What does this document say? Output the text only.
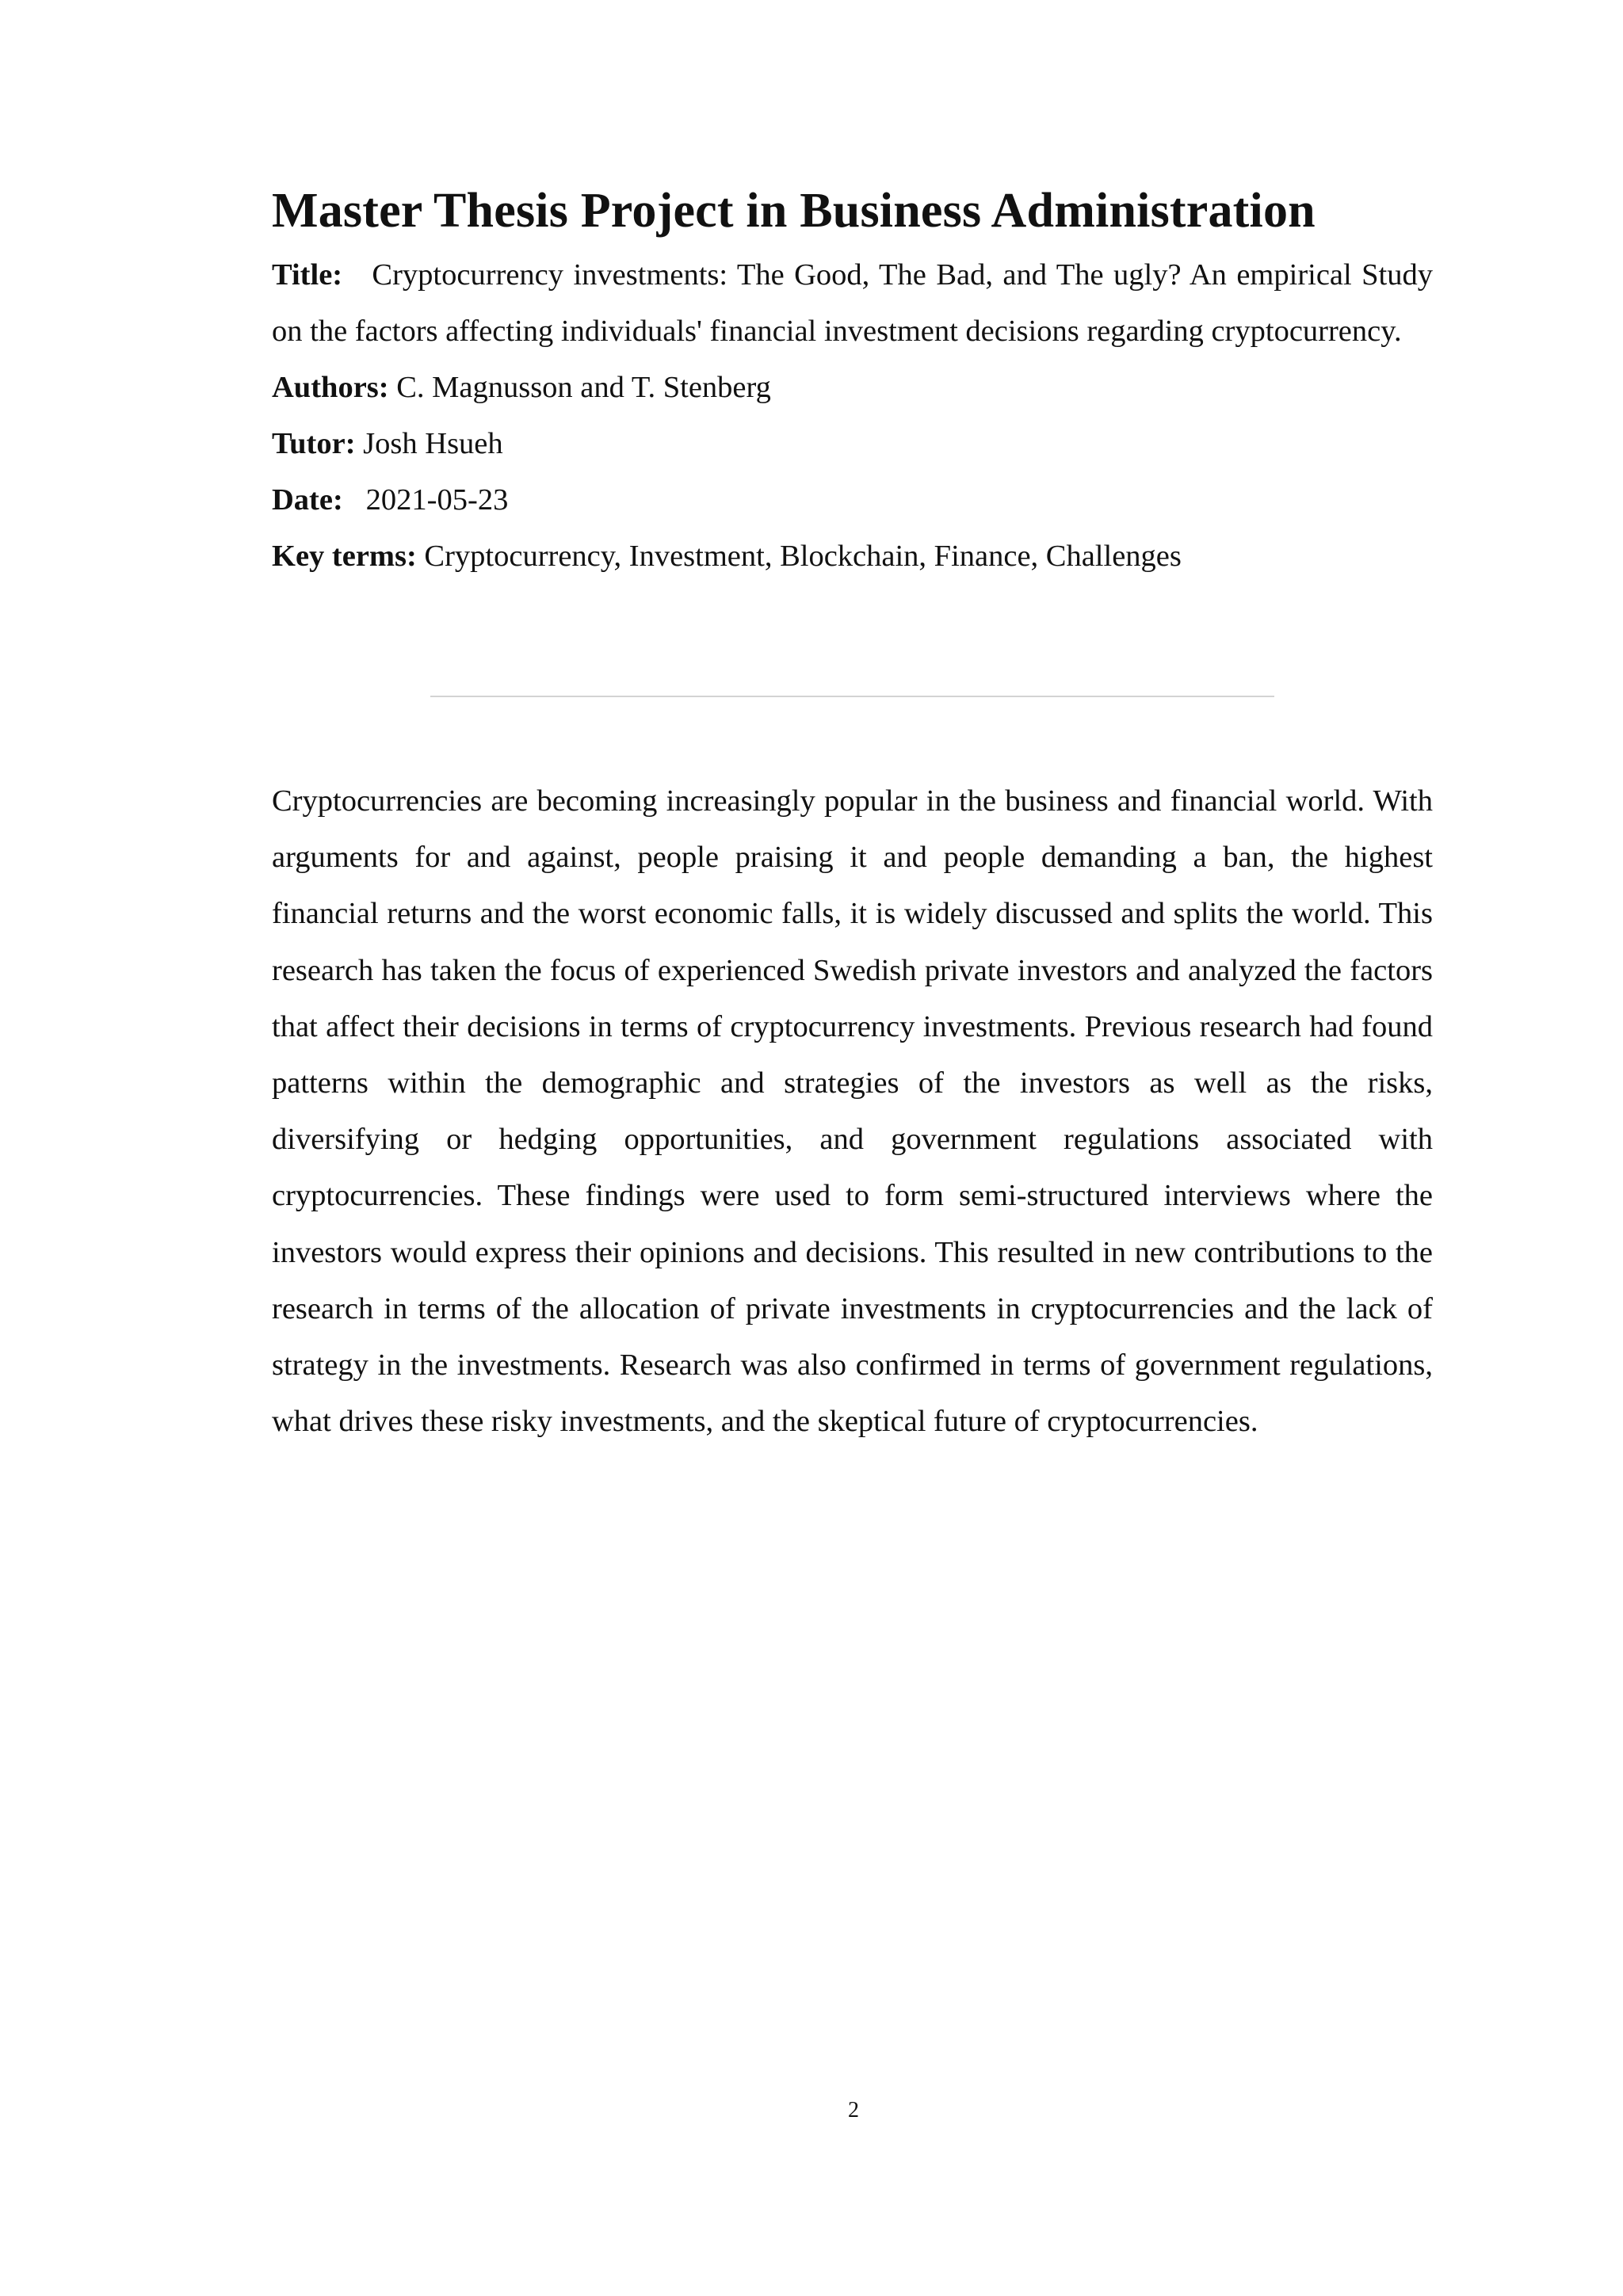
Master Thesis Project in Business Administration
Title: Cryptocurrency investments: The Good, The Bad, and The ugly? An empirical Study on the factors affecting individuals' financial investment decisions regarding cryptocurrency.
Authors: C. Magnusson and T. Stenberg
Tutor: Josh Hsueh
Date: 2021-05-23
Key terms: Cryptocurrency, Investment, Blockchain, Finance, Challenges

Cryptocurrencies are becoming increasingly popular in the business and financial world. With arguments for and against, people praising it and people demanding a ban, the highest financial returns and the worst economic falls, it is widely discussed and splits the world. This research has taken the focus of experienced Swedish private investors and analyzed the factors that affect their decisions in terms of cryptocurrency investments. Previous research had found patterns within the demographic and strategies of the investors as well as the risks, diversifying or hedging opportunities, and government regulations associated with cryptocurrencies. These findings were used to form semi-structured interviews where the investors would express their opinions and decisions. This resulted in new contributions to the research in terms of the allocation of private investments in cryptocurrencies and the lack of strategy in the investments. Research was also confirmed in terms of government regulations, what drives these risky investments, and the skeptical future of cryptocurrencies.

2
